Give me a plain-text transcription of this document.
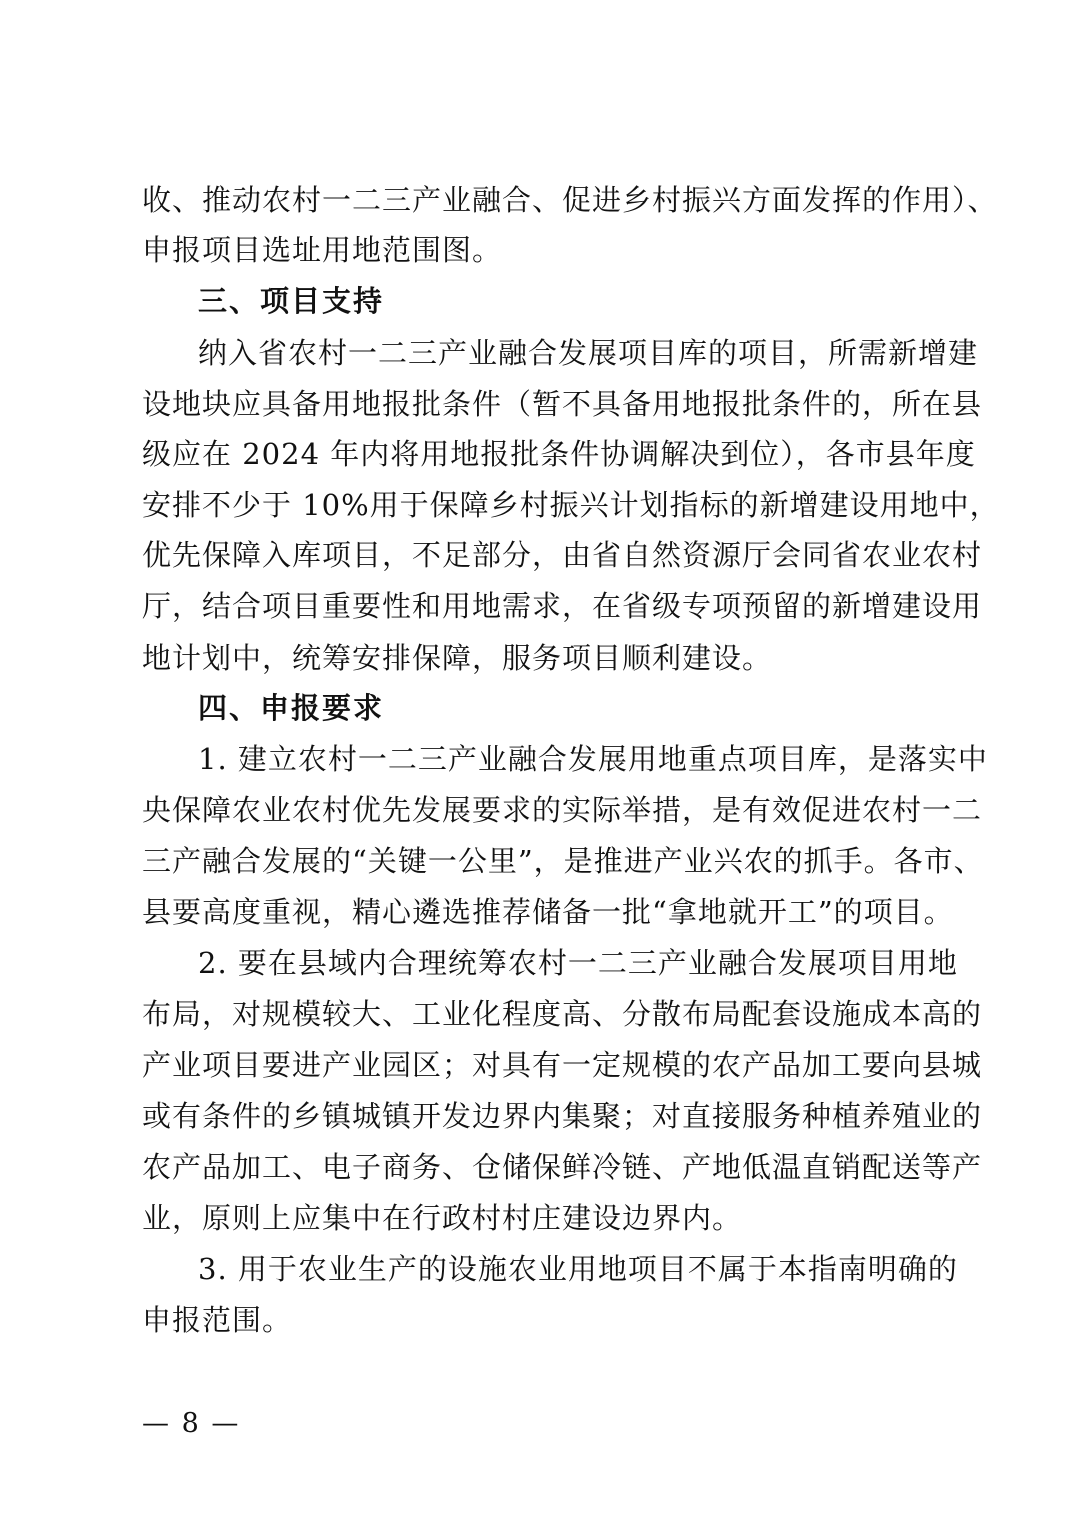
收、推动农村一二三产业融合、促进乡村振兴方面发挥的作用）、
申报项目选址用地范围图。
三、项目支持
纳入省农村一二三产业融合发展项目库的项目，所需新增建
设地块应具备用地报批条件（暂不具备用地报批条件的，所在县
级应在 2024 年内将用地报批条件协调解决到位），各市县年度
安排不少于 10%用于保障乡村振兴计划指标的新增建设用地中，
优先保障入库项目，不足部分，由省自然资源厅会同省农业农村
厅，结合项目重要性和用地需求，在省级专项预留的新增建设用
地计划中，统筹安排保障，服务项目顺利建设。
四、申报要求
1. 建立农村一二三产业融合发展用地重点项目库，是落实中
央保障农业农村优先发展要求的实际举措，是有效促进农村一二
三产融合发展的“关键一公里”，是推进产业兴农的抓手。各市、
县要高度重视，精心遴选推荐储备一批“拿地就开工”的项目。
2. 要在县域内合理统筹农村一二三产业融合发展项目用地
布局，对规模较大、工业化程度高、分散布局配套设施成本高的
产业项目要进产业园区；对具有一定规模的农产品加工要向县城
或有条件的乡镇城镇开发边界内集聚；对直接服务种植养殖业的
农产品加工、电子商务、仓储保鲜冷链、产地低温直销配送等产
业，原则上应集中在行政村村庄建设边界内。
3. 用于农业生产的设施农业用地项目不属于本指南明确的
申报范围。
— 8 —
